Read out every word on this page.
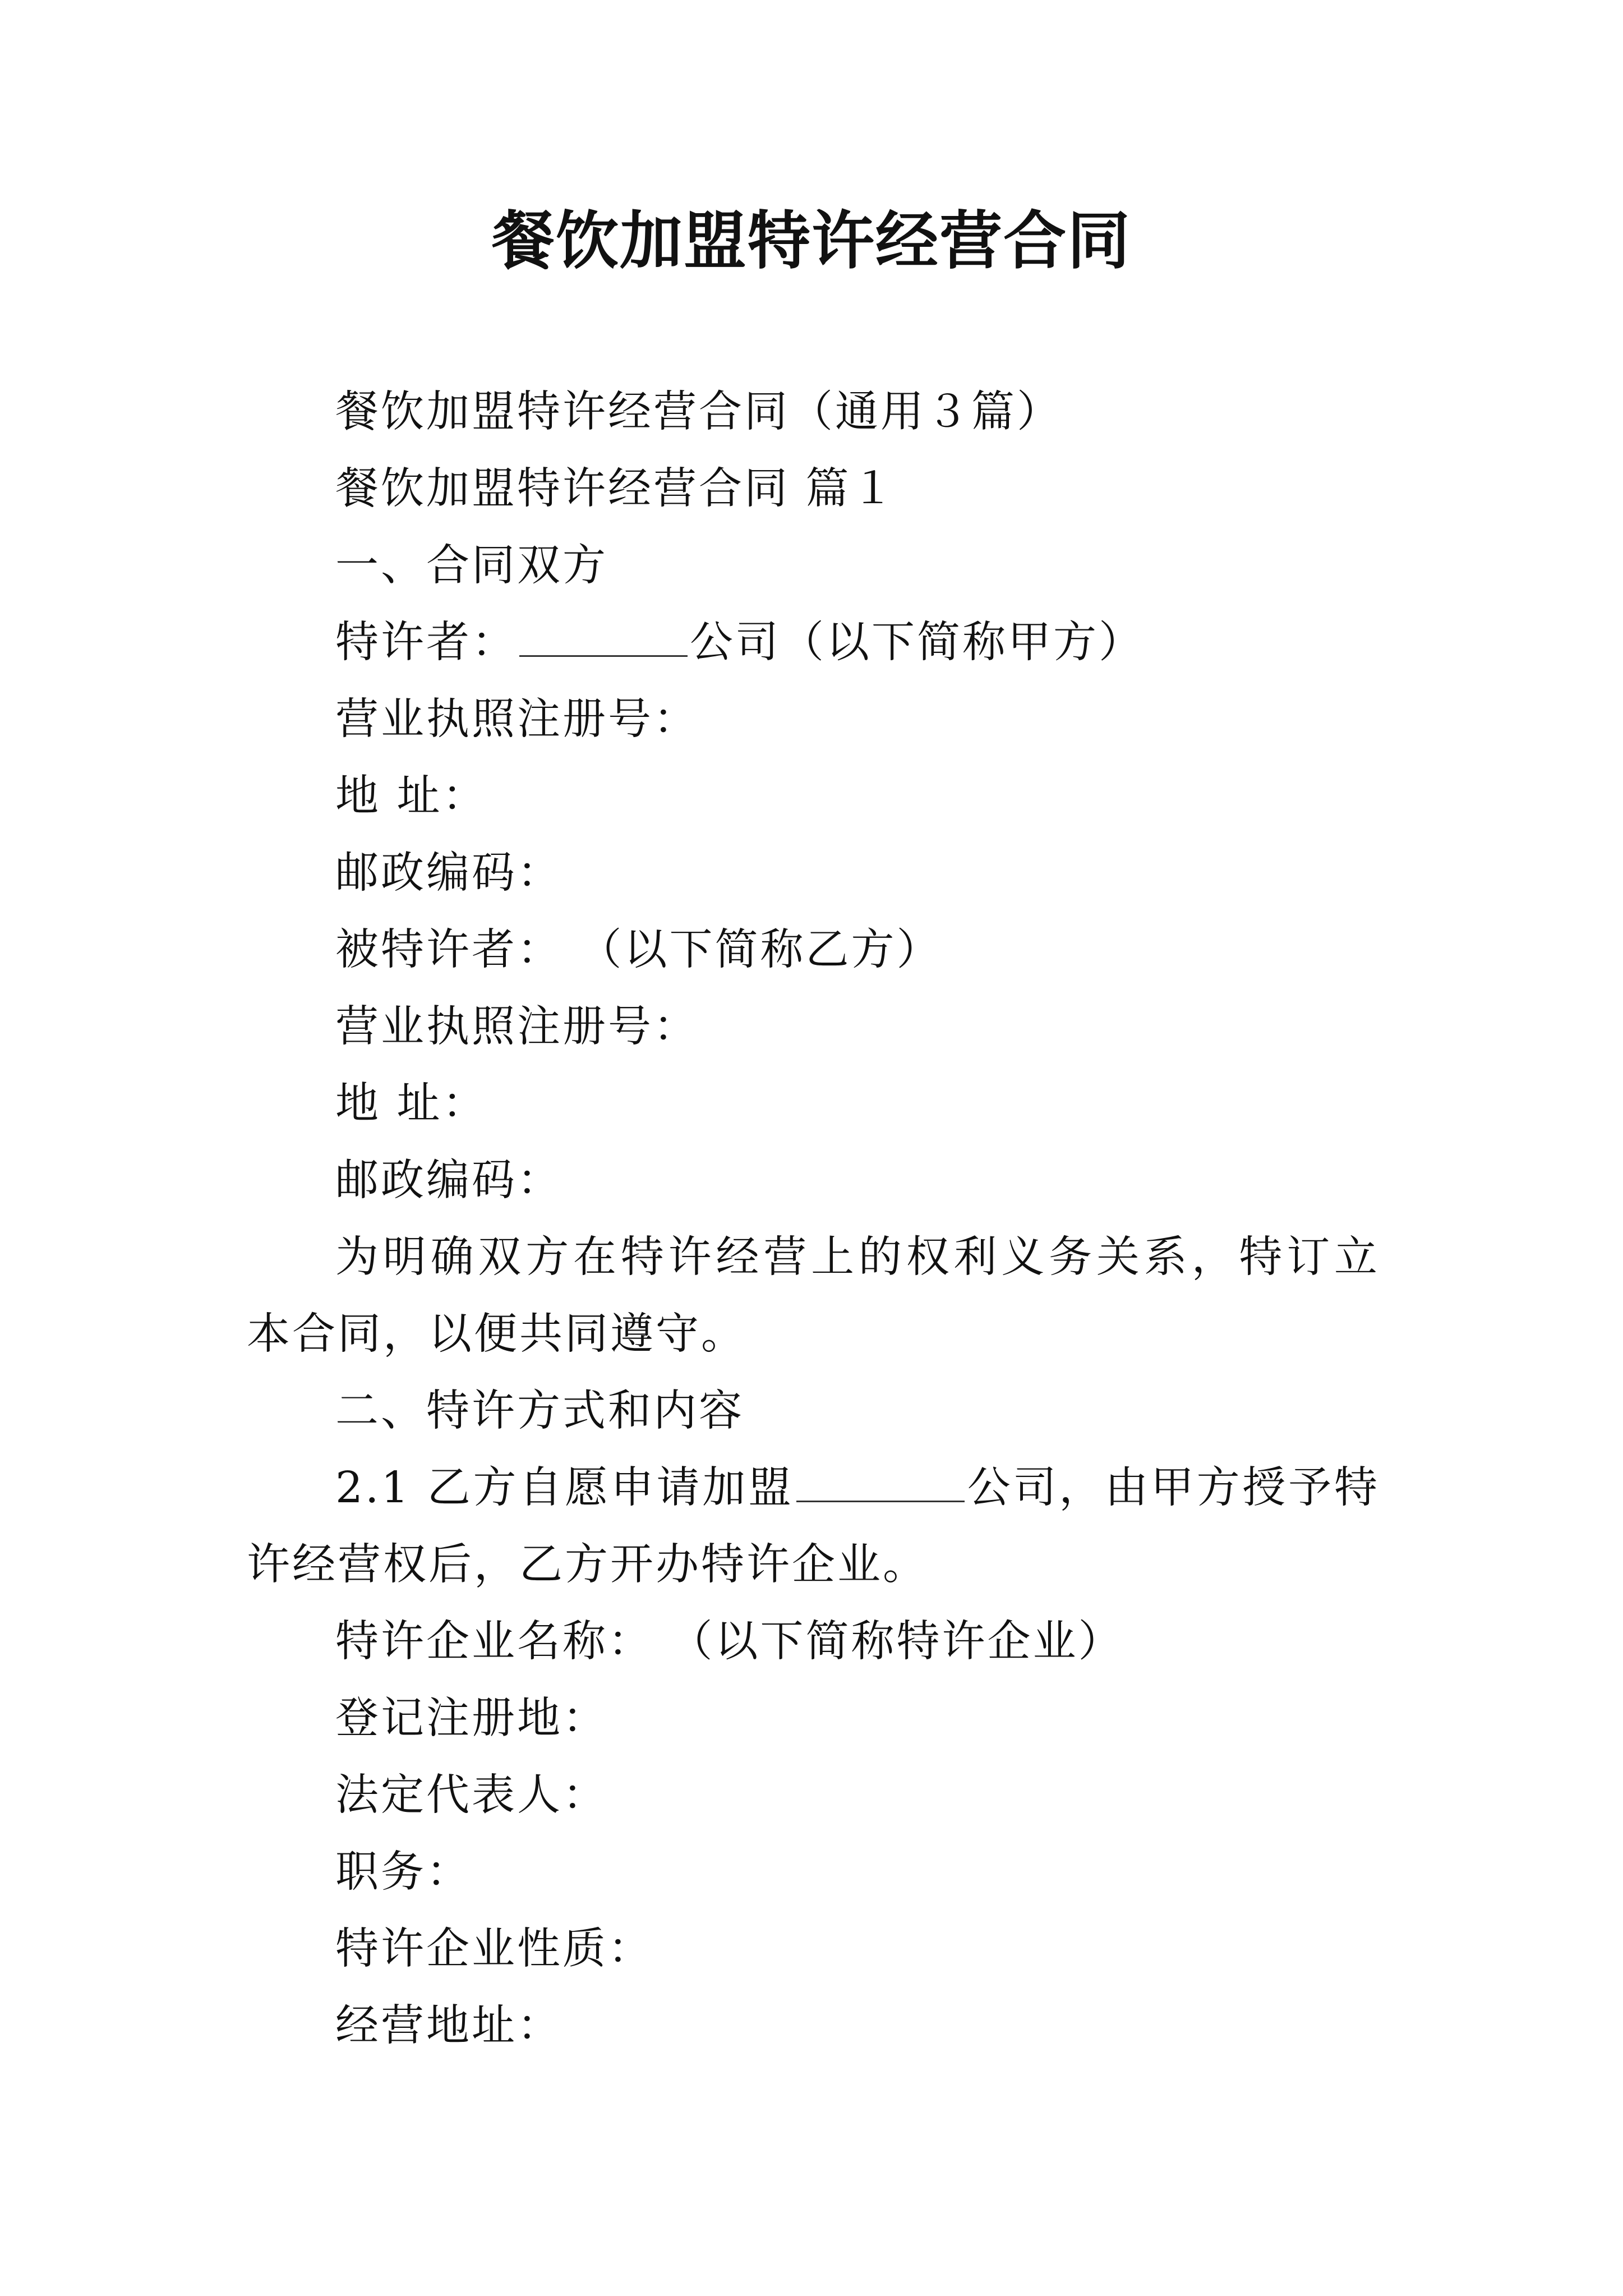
餐饮加盟特许经营合同

餐饮加盟特许经营合同（通用３篇）

餐饮加盟特许经营合同 篇１

一、合同双方

特许者：	公司（以下简称甲方）

营业执照注册号：

地 址：

邮政编码：

被特许者： （以下简称乙方）

营业执照注册号：

地 址：

邮政编码：

为明确双方在特许经营上的权利义务关系，特订立本合同，以便共同遵守。

二、特许方式和内容

2.1 乙方自愿申请加盟	公司，由甲方授予特许经营权后，乙方开办特许企业。

特许企业名称： （以下简称特许企业）

登记注册地：

法定代表人：

职务：

特许企业性质：

经营地址：
